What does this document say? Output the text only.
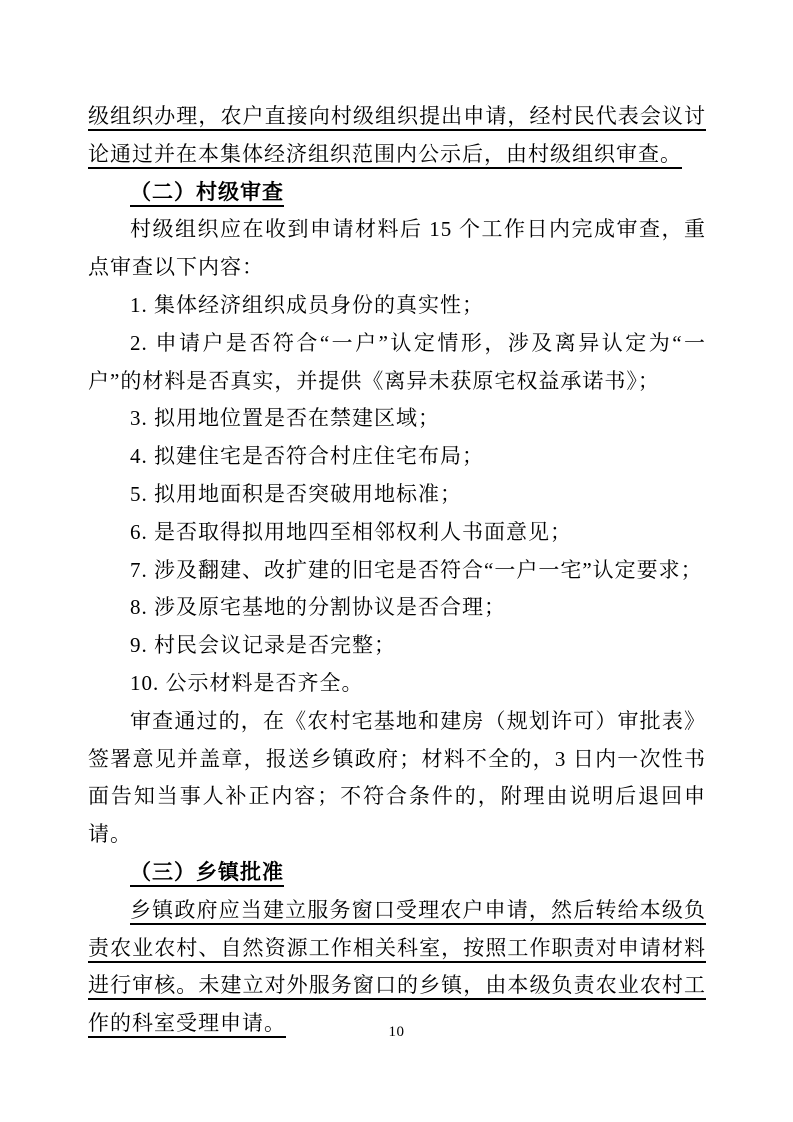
级组织办理，农户直接向村级组织提出申请，经村民代表会议讨论通过并在本集体经济组织范围内公示后，由村级组织审查。

（二）村级审查

村级组织应在收到申请材料后 15 个工作日内完成审查，重点审查以下内容：

1. 集体经济组织成员身份的真实性；

2. 申请户是否符合“一户”认定情形，涉及离异认定为“一户”的材料是否真实，并提供《离异未获原宅权益承诺书》；

3. 拟用地位置是否在禁建区域；

4. 拟建住宅是否符合村庄住宅布局；

5. 拟用地面积是否突破用地标准；

6. 是否取得拟用地四至相邻权利人书面意见；

7. 涉及翻建、改扩建的旧宅是否符合“一户一宅”认定要求；

8. 涉及原宅基地的分割协议是否合理；

9. 村民会议记录是否完整；

10. 公示材料是否齐全。

审查通过的，在《农村宅基地和建房（规划许可）审批表》签署意见并盖章，报送乡镇政府；材料不全的，3 日内一次性书面告知当事人补正内容；不符合条件的，附理由说明后退回申请。

（三）乡镇批准

乡镇政府应当建立服务窗口受理农户申请，然后转给本级负责农业农村、自然资源工作相关科室，按照工作职责对申请材料进行审核。未建立对外服务窗口的乡镇，由本级负责农业农村工作的科室受理申请。	10
